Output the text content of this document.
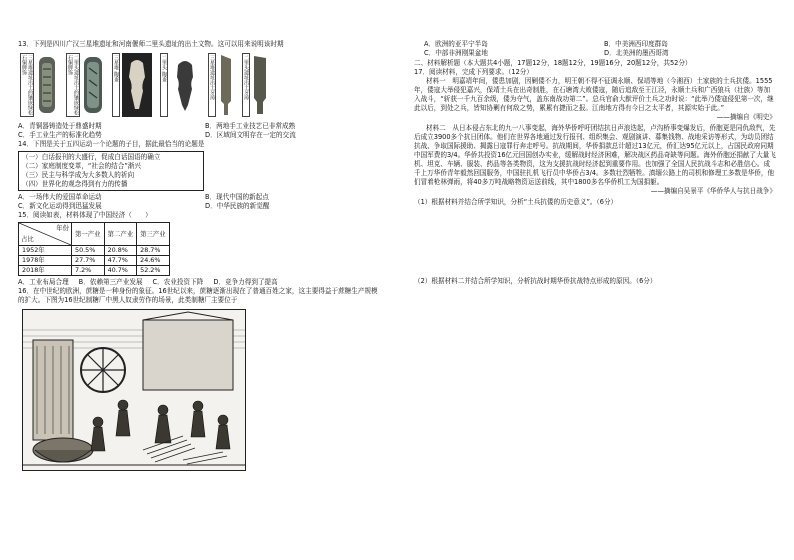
13．下列是四川广汉三星堆遗址和河南偃师二里头遗址的出土文物。这可以用来说明该时期

三星堆遗址出土的镶嵌绿松石铜牌饰	二里头遗址出土的镶嵌绿松石铜牌饰	三星堆 陶盉	二里头 陶盉	三星堆遗址出土牙璋	二里头遗址出土牙璋

A．青铜器铸造处于鼎盛时期	B．两地手工业技艺已非常成熟

C．手工业生产的标准化趋势	D．区域间文明存在一定的交流

14．下图是关于五四运动一个论题的子目，据此最恰当的论题是

（一）白话报刊的大盛行，促成白话国语的确立

（二）家庭制度变革，“社会的结合”渐兴

（三）民主与科学成为大多数人的祈向

（四）世界化的观念得到有力的传播

A．一场伟大的爱国革命运动	B．现代中国的新起点

C．新文化运动得到迅猛发展	D．中华民族的新觉醒

15．阅读如表，材料体现了中国经济（　　）

年份
占比	第一产业	第二产业	第三产业
1952年	50.5%	20.8%	28.7%
1978年	27.7%	47.7%	24.6%
2018年	7.2%	40.7%	52.2%

A．工业布局合理 B．依赖第三产业发展 C．农业投资下降 D．竞争力得到了提高

16．在中世纪的欧洲，蔗糖是一种身份的象征。16世纪以来，蔗糖逐渐出现在了普通百姓之家，这主要得益于蔗糖生产规模的扩大。下图为16世纪制糖厂中黑人奴隶劳作的场景，此类制糖厂主要位于

A．欧洲的亚平宁半岛	B．中美洲西印度群岛

C．中部非洲刚果盆地	D．北美洲的墨西哥湾

二、材料解析题（本大题共4小题，17题12分，18题12分，19题16分，20题12分，共52分）

17．阅读材料，完成下列要求。（12分）

材料一　明嘉靖年间，倭患加剧，因剿倭不力，明王朝不得不征调永顺、保靖等地（今湘西）土家族的土兵抗倭。1555年，倭寇大举侵犯嘉兴，保靖土兵在出奇制胜，在石塘湾大败倭寇，随后追敌至王江泾，永顺土兵和广西狼兵（壮族）等加入战斗，“斩获一千九百余级，倭为夺气，盖东南战功第二”。总兵官俞大猷评价土兵之功时说：“此举乃倭寇侵犯第一次，继此以后，到处之兵，皆知协剿有何敌之势，累累有捷而之报。江南地方得有今日之太平者，其源实始于此。”

——摘编自《明史》

材料二　从日本侵占东北的九一八事变起，海外华侨呼吁团结抗日声浪迭起，卢沟桥事变爆发后，侨胞更是同仇敌忾，先后成立3900多个抗日团体。他们在世界各地通过发行报刊、组织集会、观剧演讲、募集钱物、战地采访等形式，为动员团结抗战、争取国际援助、揭露日寇罪行奔走呼号。抗战期间，华侨捐款总计超过13亿元，侨汇达95亿元以上，占国民政府同期中国军费的3/4。华侨共投资16亿元回国创办实业，缓解战时经济困难，解决战区药品奇缺等问题。海外侨胞还捐献了大量飞机、坦克、车辆、服装、药品等各类物资，这为支援抗战时经济起到重要作用。也加强了全国人民抗战斗志和必胜信心。成千上万华侨青年毅然回国服务，中国驻扎机飞行员中华侨占3/4。多数壮烈牺牲。滇缅公路上的司机和修理工多数是华侨，他们冒着枪林弹雨，将40多万吨战略物资运送前线，其中1800多名华侨机工为国捐躯。

——摘编自吴景平《华侨华人与抗日战争》

（1）根据材料并结合所学知识，分析“土兵抗倭的历史意义”。（6分）

（2）根据材料二并结合所学知识，分析抗战时期华侨抗战特点形成的原因。（6分）
